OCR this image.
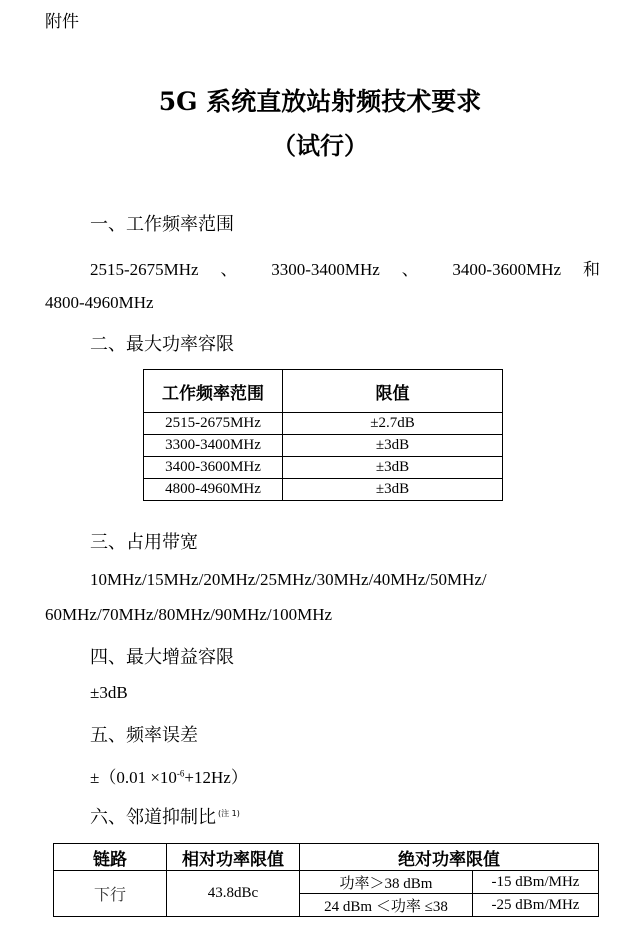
附件
5G 系统直放站射频技术要求
（试行）
一、工作频率范围
2515-2675MHz 、 3300-3400MHz 、 3400-3600MHz 和
4800-4960MHz
二、最大功率容限
工作频率范围	限值
2515-2675MHz	±2.7dB
3300-3400MHz	±3dB
3400-3600MHz	±3dB
4800-4960MHz	±3dB
三、占用带宽
10MHz/15MHz/20MHz/25MHz/30MHz/40MHz/50MHz/
60MHz/70MHz/80MHz/90MHz/100MHz
四、最大增益容限
±3dB
五、频率误差
$\pm(0.01 \times 10^{-6}+12Hz)$
六、邻道抑制比 $^{(注 1)}$
链路	相对功率限值	绝对功率限值	
下行	43.8dBc	功率＞38 dBm	-15 dBm/MHz
		24 dBm ＜功率 ≤38	-25 dBm/MHz
